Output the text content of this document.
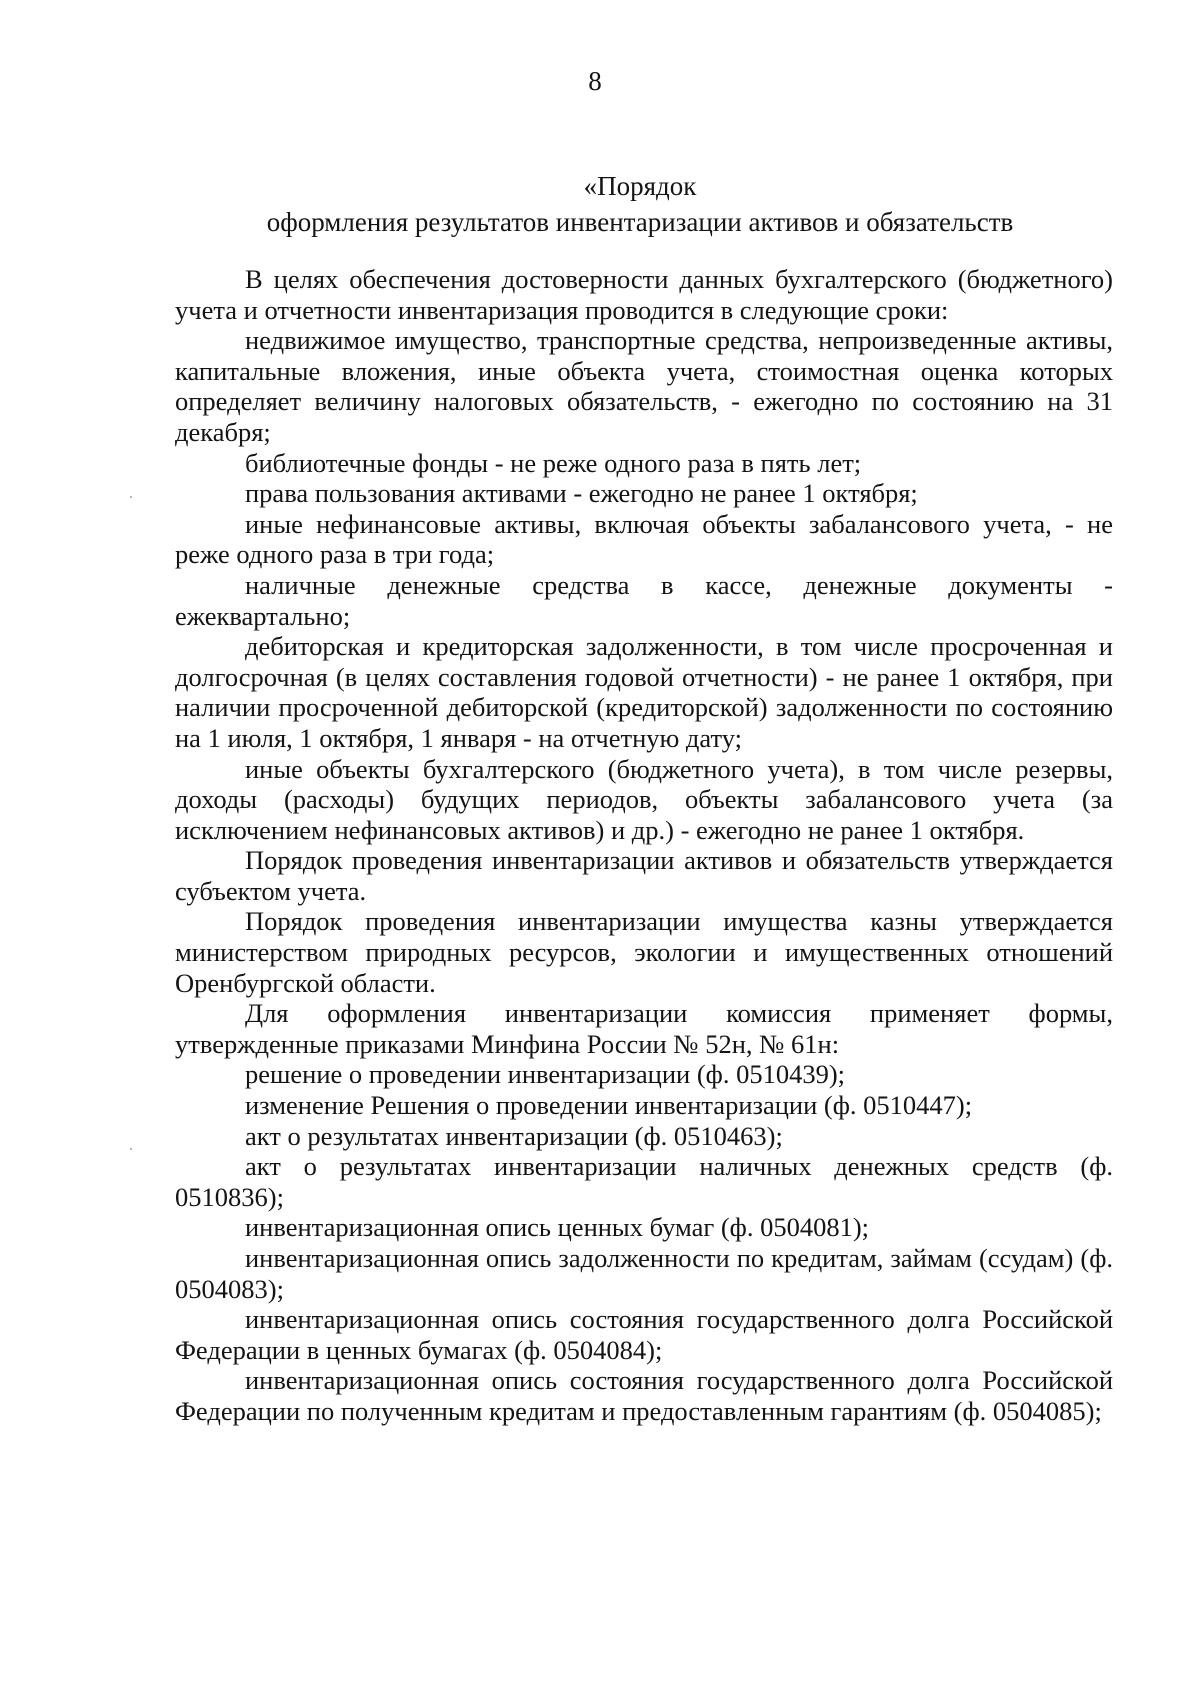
8
«Порядок
оформления результатов инвентаризации активов и обязательств

В целях обеспечения достоверности данных бухгалтерского (бюджетного) учета и отчетности инвентаризация проводится в следующие сроки:

недвижимое имущество, транспортные средства, непроизведенные активы, капитальные вложения, иные объекта учета, стоимостная оценка которых определяет величину налоговых обязательств, - ежегодно по состоянию на 31 декабря;

библиотечные фонды - не реже одного раза в пять лет;

права пользования активами - ежегодно не ранее 1 октября;

иные нефинансовые активы, включая объекты забалансового учета, - не реже одного раза в три года;

наличные денежные средства в кассе, денежные документы - ежеквартально;

дебиторская и кредиторская задолженности, в том числе просроченная и долгосрочная (в целях составления годовой отчетности) - не ранее 1 октября, при наличии просроченной дебиторской (кредиторской) задолженности по состоянию на 1 июля, 1 октября, 1 января - на отчетную дату;

иные объекты бухгалтерского (бюджетного учета), в том числе резервы, доходы (расходы) будущих периодов, объекты забалансового учета (за исключением нефинансовых активов) и др.) - ежегодно не ранее 1 октября.

Порядок проведения инвентаризации активов и обязательств утверждается субъектом учета.

Порядок проведения инвентаризации имущества казны утверждается министерством природных ресурсов, экологии и имущественных отношений Оренбургской области.

Для оформления инвентаризации комиссия применяет формы, утвержденные приказами Минфина России № 52н, № 61н:

решение о проведении инвентаризации (ф. 0510439);

изменение Решения о проведении инвентаризации (ф. 0510447);

акт о результатах инвентаризации (ф. 0510463);

акт о результатах инвентаризации наличных денежных средств (ф. 0510836);

инвентаризационная опись ценных бумаг (ф. 0504081);

инвентаризационная опись задолженности по кредитам, займам (ссудам) (ф. 0504083);

инвентаризационная опись состояния государственного долга Российской Федерации в ценных бумагах (ф. 0504084);

инвентаризационная опись состояния государственного долга Российской Федерации по полученным кредитам и предоставленным гарантиям (ф. 0504085);
